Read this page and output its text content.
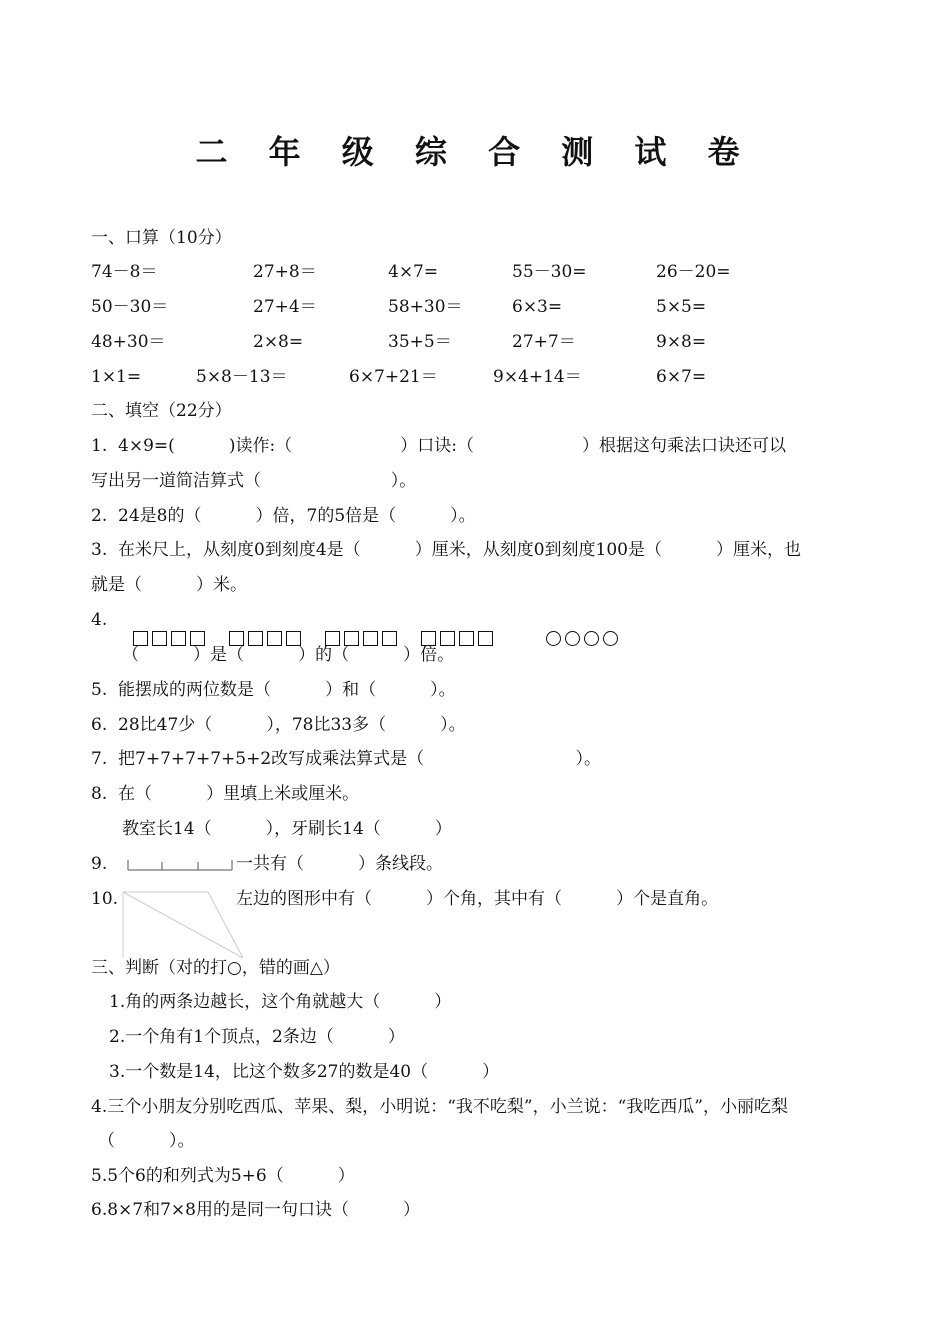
二 年 级 综 合 测 试 卷
一、口算（10分）
74－8＝	27+8＝	4×7=	55－30=	26－20=
50－30＝	27+4＝	58+30＝	6×3=	5×5=
48+30＝	2×8=	35+5＝	27+7＝	9×8=
1×1=	5×8－13＝	6×7+21＝	9×4+14＝	6×7=
二、填空（22分）
1.  4×9=(          )读作:（                    ）口诀:（                    ）根据这句乘法口诀还可以
写出另一道简洁算式（                        ）。
2.  24是8的（          ）倍，7的5倍是（          ）。
3.  在米尺上，从刻度0到刻度4是（          ）厘米，从刻度0到刻度100是（          ）厘米，也
就是（          ）米。
4.

（          ）是（          ）的（          ）倍。
5.  能摆成的两位数是（          ）和（          ）。
6.  28比47少（          ），78比33多（          ）。
7.  把7+7+7+7+5+2改写成乘法算式是（                            ）。
8.  在（          ）里填上米或厘米。
教室长14（          ），牙刷长14（          ）
9.	一共有（          ）条线段。
10.	左边的图形中有（          ）个角，其中有（          ）个是直角。
三、判断（对的打○，错的画△）
1.角的两条边越长，这个角就越大（          ）
2.一个角有1个顶点，2条边（          ）
3.一个数是14，比这个数多27的数是40（          ）
4.三个小朋友分别吃西瓜、苹果、梨，小明说：“我不吃梨”，小兰说：“我吃西瓜”，小丽吃梨
（          ）。
5.5个6的和列式为5+6（          ）
6.8×7和7×8用的是同一句口诀（          ）
